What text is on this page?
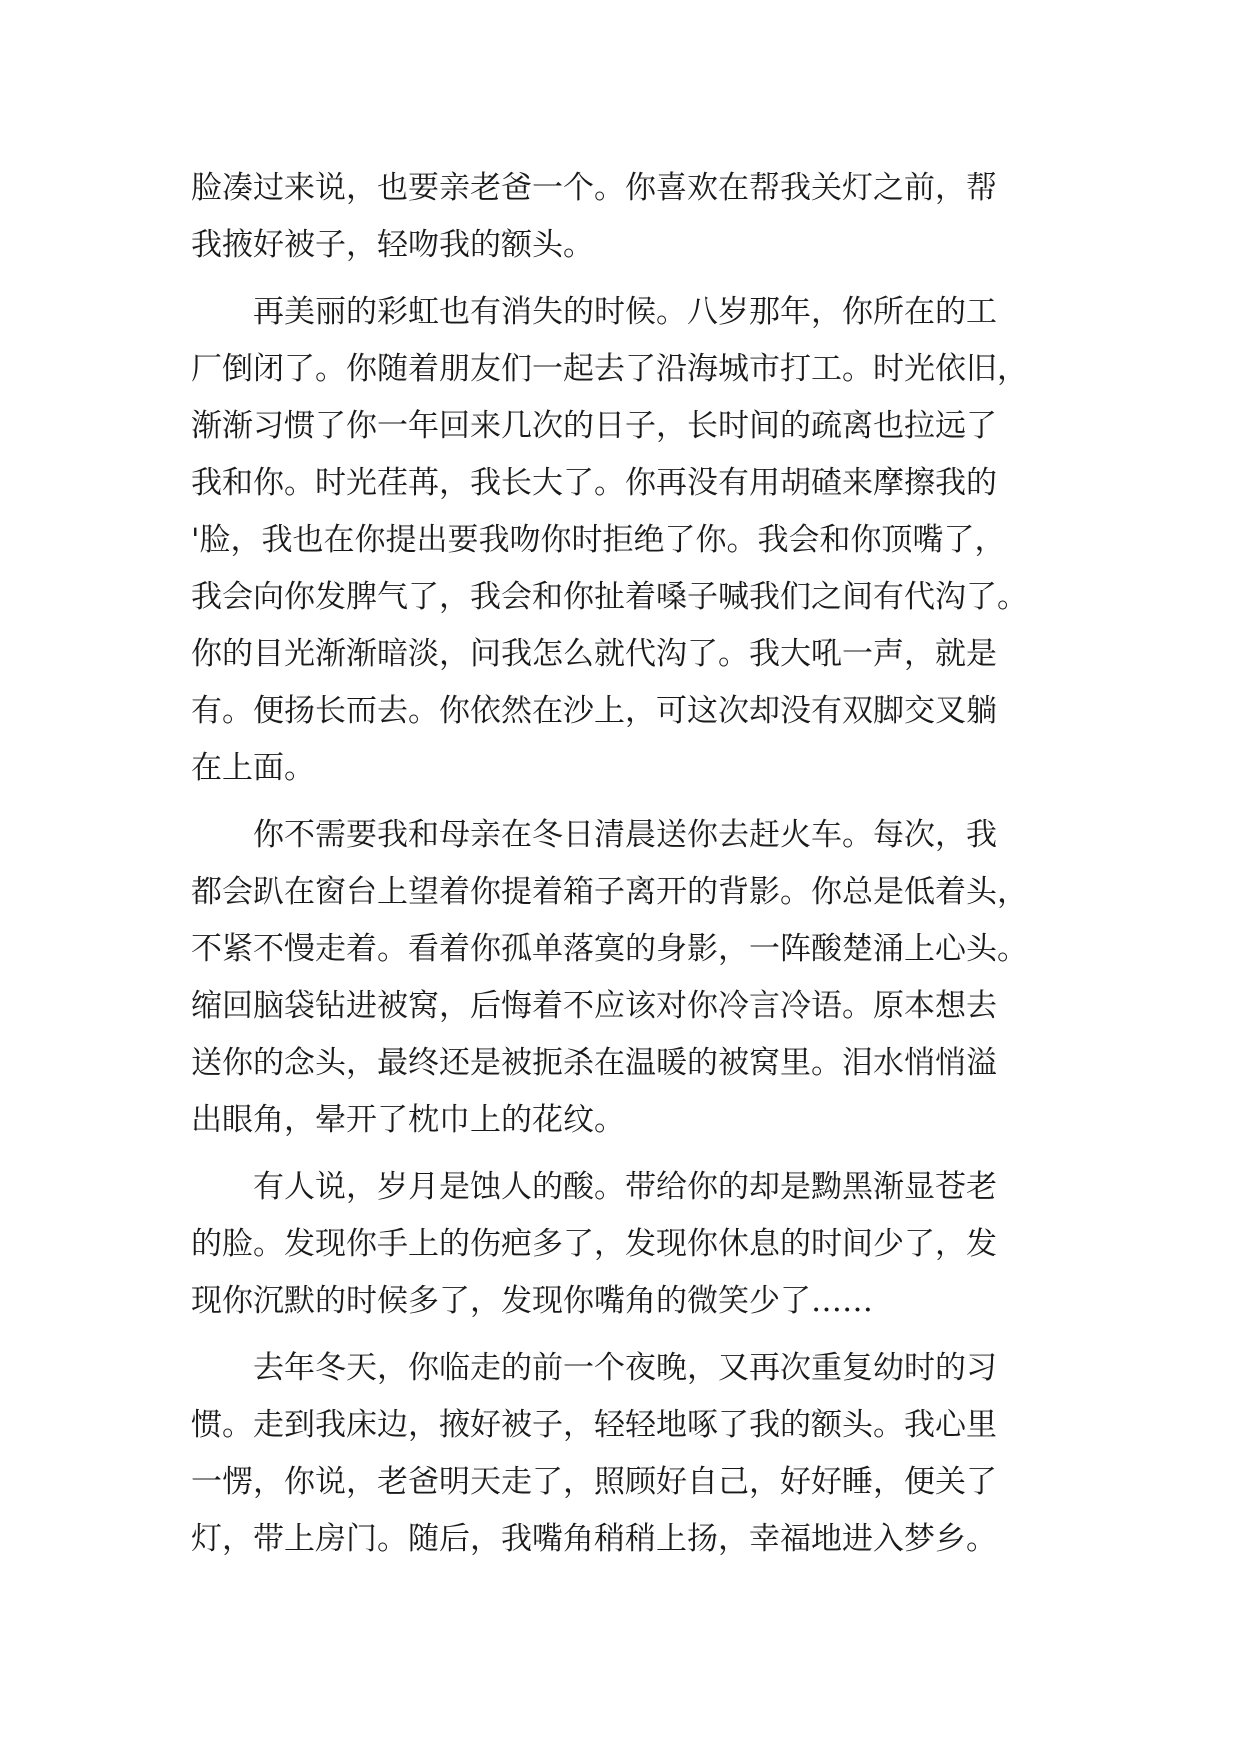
脸凑过来说，也要亲老爸一个。你喜欢在帮我关灯之前，帮
我掖好被子，轻吻我的额头。
　　再美丽的彩虹也有消失的时候。八岁那年，你所在的工
厂倒闭了。你随着朋友们一起去了沿海城市打工。时光依旧，
渐渐习惯了你一年回来几次的日子，长时间的疏离也拉远了
我和你。时光荏苒，我长大了。你再没有用胡碴来摩擦我的
'脸，我也在你提出要我吻你时拒绝了你。我会和你顶嘴了，
我会向你发脾气了，我会和你扯着嗓子喊我们之间有代沟了。
你的目光渐渐暗淡，问我怎么就代沟了。我大吼一声，就是
有。便扬长而去。你依然在沙上，可这次却没有双脚交叉躺
在上面。
　　你不需要我和母亲在冬日清晨送你去赶火车。每次，我
都会趴在窗台上望着你提着箱子离开的背影。你总是低着头，
不紧不慢走着。看着你孤单落寞的身影，一阵酸楚涌上心头。
缩回脑袋钻进被窝，后悔着不应该对你冷言冷语。原本想去
送你的念头，最终还是被扼杀在温暖的被窝里。泪水悄悄溢
出眼角，晕开了枕巾上的花纹。
　　有人说，岁月是蚀人的酸。带给你的却是黝黑渐显苍老
的脸。发现你手上的伤疤多了，发现你休息的时间少了，发
现你沉默的时候多了，发现你嘴角的微笑少了……
　　去年冬天，你临走的前一个夜晚，又再次重复幼时的习
惯。走到我床边，掖好被子，轻轻地啄了我的额头。我心里
一愣，你说，老爸明天走了，照顾好自己，好好睡，便关了
灯，带上房门。随后，我嘴角稍稍上扬，幸福地进入梦乡。
